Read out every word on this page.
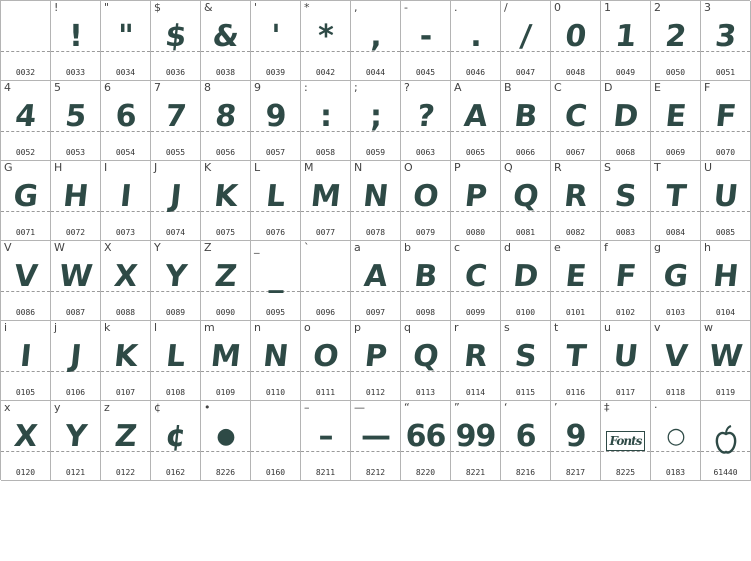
0032
!
!
0033
"
"
0034
$
$
0036
&
&
0038
'
'
0039
*
*
0042
,
,
0044
-
-
0045
.
.
0046
/
/
0047
0
0
0048
1
1
0049
2
2
0050
3
3
0051
4
4
0052
5
5
0053
6
6
0054
7
7
0055
8
8
0056
9
9
0057
:
:
0058
;
;
0059
?
?
0063
A
A
0065
B
B
0066
C
C
0067
D
D
0068
E
E
0069
F
F
0070
G
G
0071
H
H
0072
I
I
0073
J
J
0074
K
K
0075
L
L
0076
M
M
0077
N
N
0078
O
O
0079
P
P
0080
Q
Q
0081
R
R
0082
S
S
0083
T
T
0084
U
U
0085
V
V
0086
W
W
0087
X
X
0088
Y
Y
0089
Z
Z
0090
_
_
0095
`
0096
a
A
0097
b
B
0098
c
C
0099
d
D
0100
e
E
0101
f
F
0102
g
G
0103
h
H
0104
i
I
0105
j
J
0106
k
K
0107
l
L
0108
m
M
0109
n
N
0110
o
O
0111
p
P
0112
q
Q
0113
r
R
0114
s
S
0115
t
T
0116
u
U
0117
v
V
0118
w
W
0119
x
X
0120
y
Y
0121
z
Z
0122
¢
¢
0162
•
●
8226	0160
–
–
8211
—
—
8212
“
66
8220
”
99
8221
‘
6
8216
’
9
8217
‡
Fonts
8225
·
○
0183	61440
